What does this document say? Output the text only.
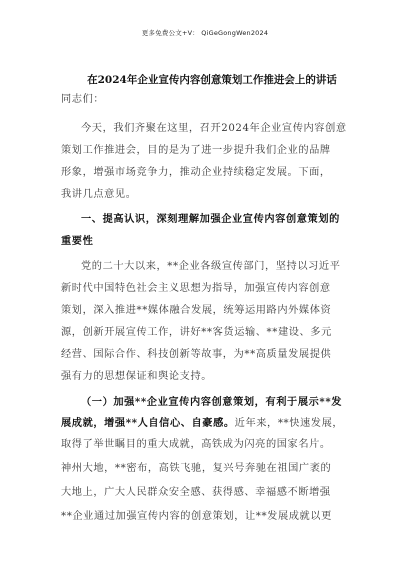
更多免费公文+V： QiGeGongWen2024
在2024年企业宣传内容创意策划工作推进会上的讲话
同志们：
今天，我们齐聚在这里，召开2024年企业宣传内容创意
策划工作推进会，目的是为了进一步提升我们企业的品牌
形象，增强市场竞争力，推动企业持续稳定发展。下面，
我讲几点意见。
一、提高认识，深刻理解加强企业宣传内容创意策划的
重要性
党的二十大以来，**企业各级宣传部门，坚持以习近平
新时代中国特色社会主义思想为指导，加强宣传内容创意
策划，深入推进**媒体融合发展，统筹运用路内外媒体资
源，创新开展宣传工作，讲好**客货运输、**建设、多元
经营、国际合作、科技创新等故事，为**高质量发展提供
强有力的思想保证和舆论支持。
（一）加强**企业宣传内容创意策划，有利于展示**发
展成就，增强**人自信心、自豪感。近年来，**快速发展，
取得了举世瞩目的重大成就，高铁成为闪亮的国家名片。
神州大地，**密布，高铁飞驰，复兴号奔驰在祖国广袤的
大地上，广大人民群众安全感、获得感、幸福感不断增强
**企业通过加强宣传内容的创意策划，让**发展成就以更
